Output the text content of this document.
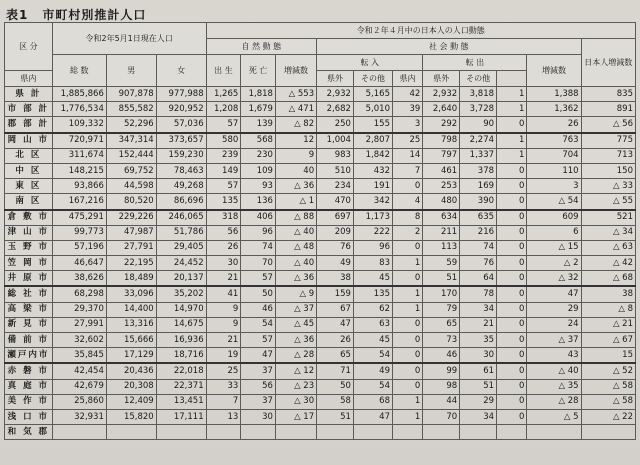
表1 市町村別推計人口
区 分	令和2年5月1日現在人口			令和２年４月中の日本人の人口動態										
				自 然 動 態			社 会 動 態							日本人増減数
	総 数	男	女	出 生	死 亡	増減数	転 入			転 出			増減数	
県内							県外	その他	県内	県外	その他			
県 計	1,885,866	907,878	977,988	1,265	1,818	△ 553	2,932	5,165	42	2,932	3,818	1	1,388	835
市 部 計	1,776,534	855,582	920,952	1,208	1,679	△ 471	2,682	5,010	39	2,640	3,728	1	1,362	891
郡 部 計	109,332	52,296	57,036	57	139	△ 82	250	155	3	292	90	0	26	△ 56
岡 山 市	720,971	347,314	373,657	580	568	12	1,004	2,807	25	798	2,274	1	763	775
北 区	311,674	152,444	159,230	239	230	9	983	1,842	14	797	1,337	1	704	713
中 区	148,215	69,752	78,463	149	109	40	510	432	7	461	378	0	110	150
東 区	93,866	44,598	49,268	57	93	△ 36	234	191	0	253	169	0	3	△ 33
南 区	167,216	80,520	86,696	135	136	△ 1	470	342	4	480	390	0	△ 54	△ 55
倉 敷 市	475,291	229,226	246,065	318	406	△ 88	697	1,173	8	634	635	0	609	521
津 山 市	99,773	47,987	51,786	56	96	△ 40	209	222	2	211	216	0	6	△ 34
玉 野 市	57,196	27,791	29,405	26	74	△ 48	76	96	0	113	74	0	△ 15	△ 63
笠 岡 市	46,647	22,195	24,452	30	70	△ 40	49	83	1	59	76	0	△ 2	△ 42
井 原 市	38,626	18,489	20,137	21	57	△ 36	38	45	0	51	64	0	△ 32	△ 68
総 社 市	68,298	33,096	35,202	41	50	△ 9	159	135	1	170	78	0	47	38
高 梁 市	29,370	14,400	14,970	9	46	△ 37	67	62	1	79	34	0	29	△ 8
新 見 市	27,991	13,316	14,675	9	54	△ 45	47	63	0	65	21	0	24	△ 21
備 前 市	32,602	15,666	16,936	21	57	△ 36	26	45	0	73	35	0	△ 37	△ 67
瀬戸内市	35,845	17,129	18,716	19	47	△ 28	65	54	0	46	30	0	43	15
赤 磐 市	42,454	20,436	22,018	25	37	△ 12	71	49	0	99	61	0	△ 40	△ 52
真 庭 市	42,679	20,308	22,371	33	56	△ 23	50	54	0	98	51	0	△ 35	△ 58
美 作 市	25,860	12,409	13,451	7	37	△ 30	58	68	1	44	29	0	△ 28	△ 58
浅 口 市	32,931	15,820	17,111	13	30	△ 17	51	47	1	70	34	0	△ 5	△ 22
和 気 郡														
